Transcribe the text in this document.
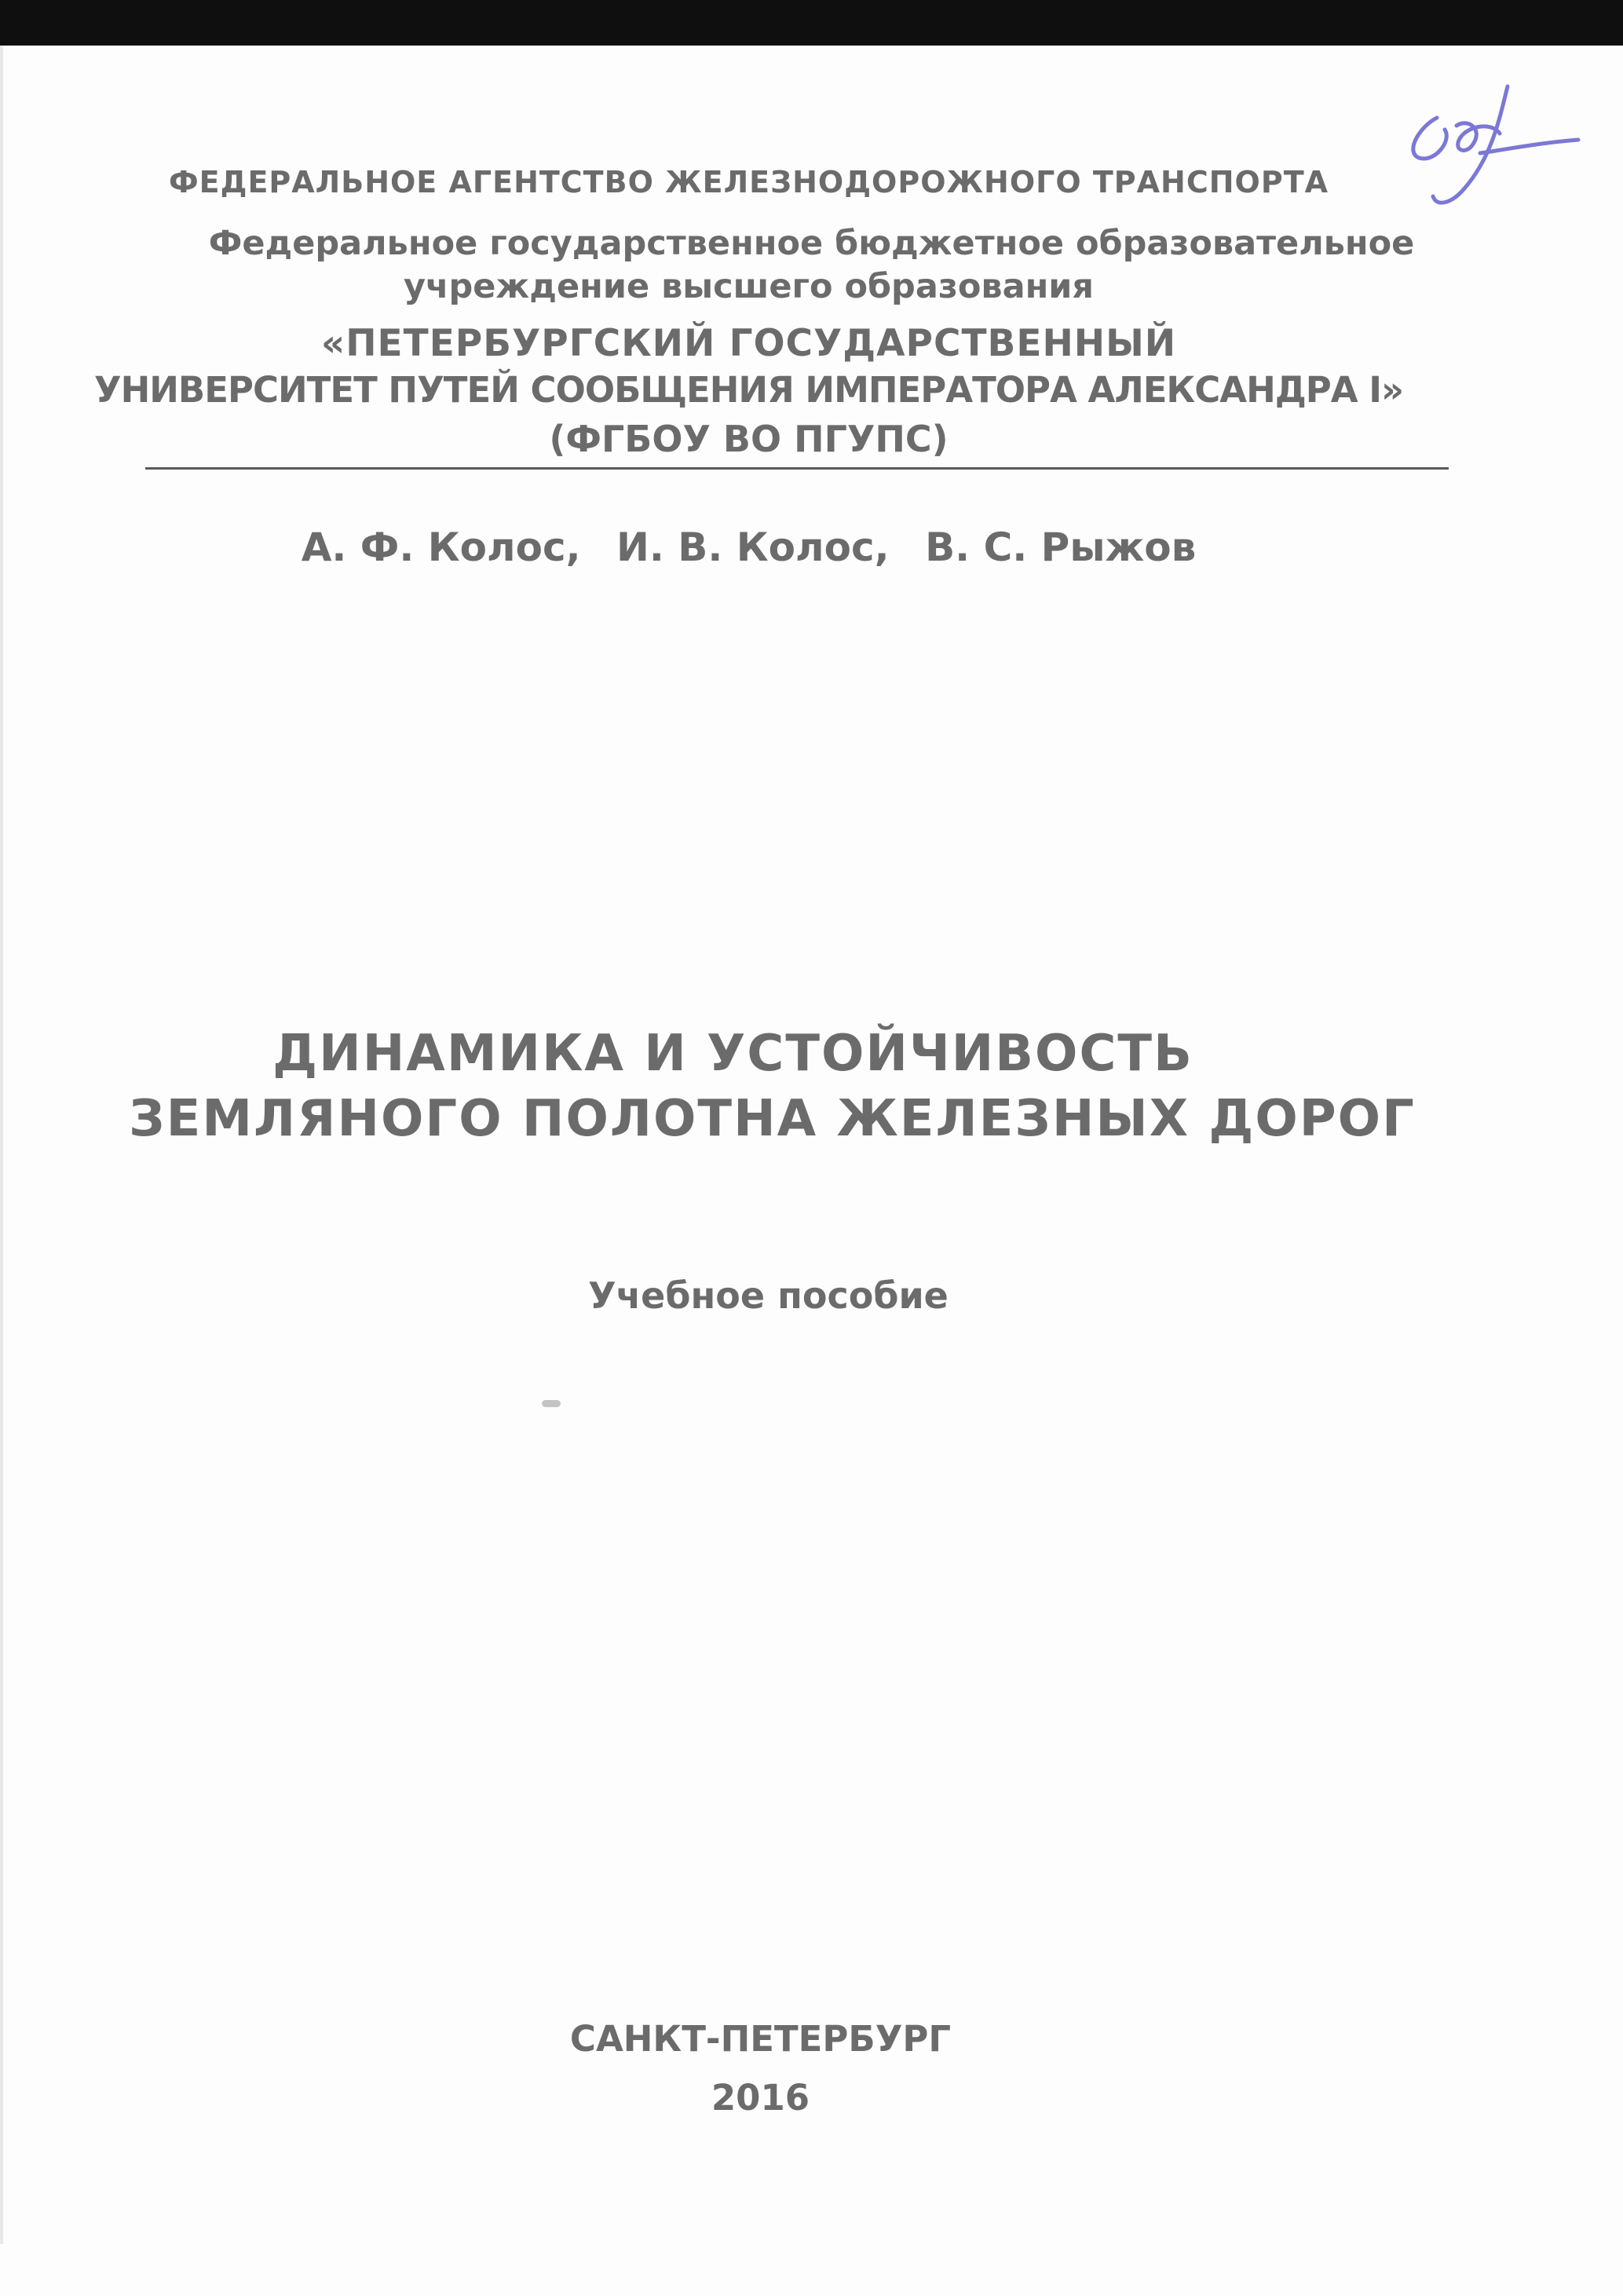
ФЕДЕРАЛЬНОЕ АГЕНТСТВО ЖЕЛЕЗНОДОРОЖНОГО ТРАНСПОРТА

Федеральное государственное бюджетное образовательное

учреждение высшего образования

«ПЕТЕРБУРГСКИЙ ГОСУДАРСТВЕННЫЙ

УНИВЕРСИТЕТ ПУТЕЙ СООБЩЕНИЯ ИМПЕРАТОРА АЛЕКСАНДРА I»

(ФГБОУ ВО ПГУПС)

А. Ф. Колос, И. В. Колос, В. С. Рыжов

ДИНАМИКА И УСТОЙЧИВОСТЬ

ЗЕМЛЯНОГО ПОЛОТНА ЖЕЛЕЗНЫХ ДОРОГ

Учебное пособие

САНКТ-ПЕТЕРБУРГ

2016
